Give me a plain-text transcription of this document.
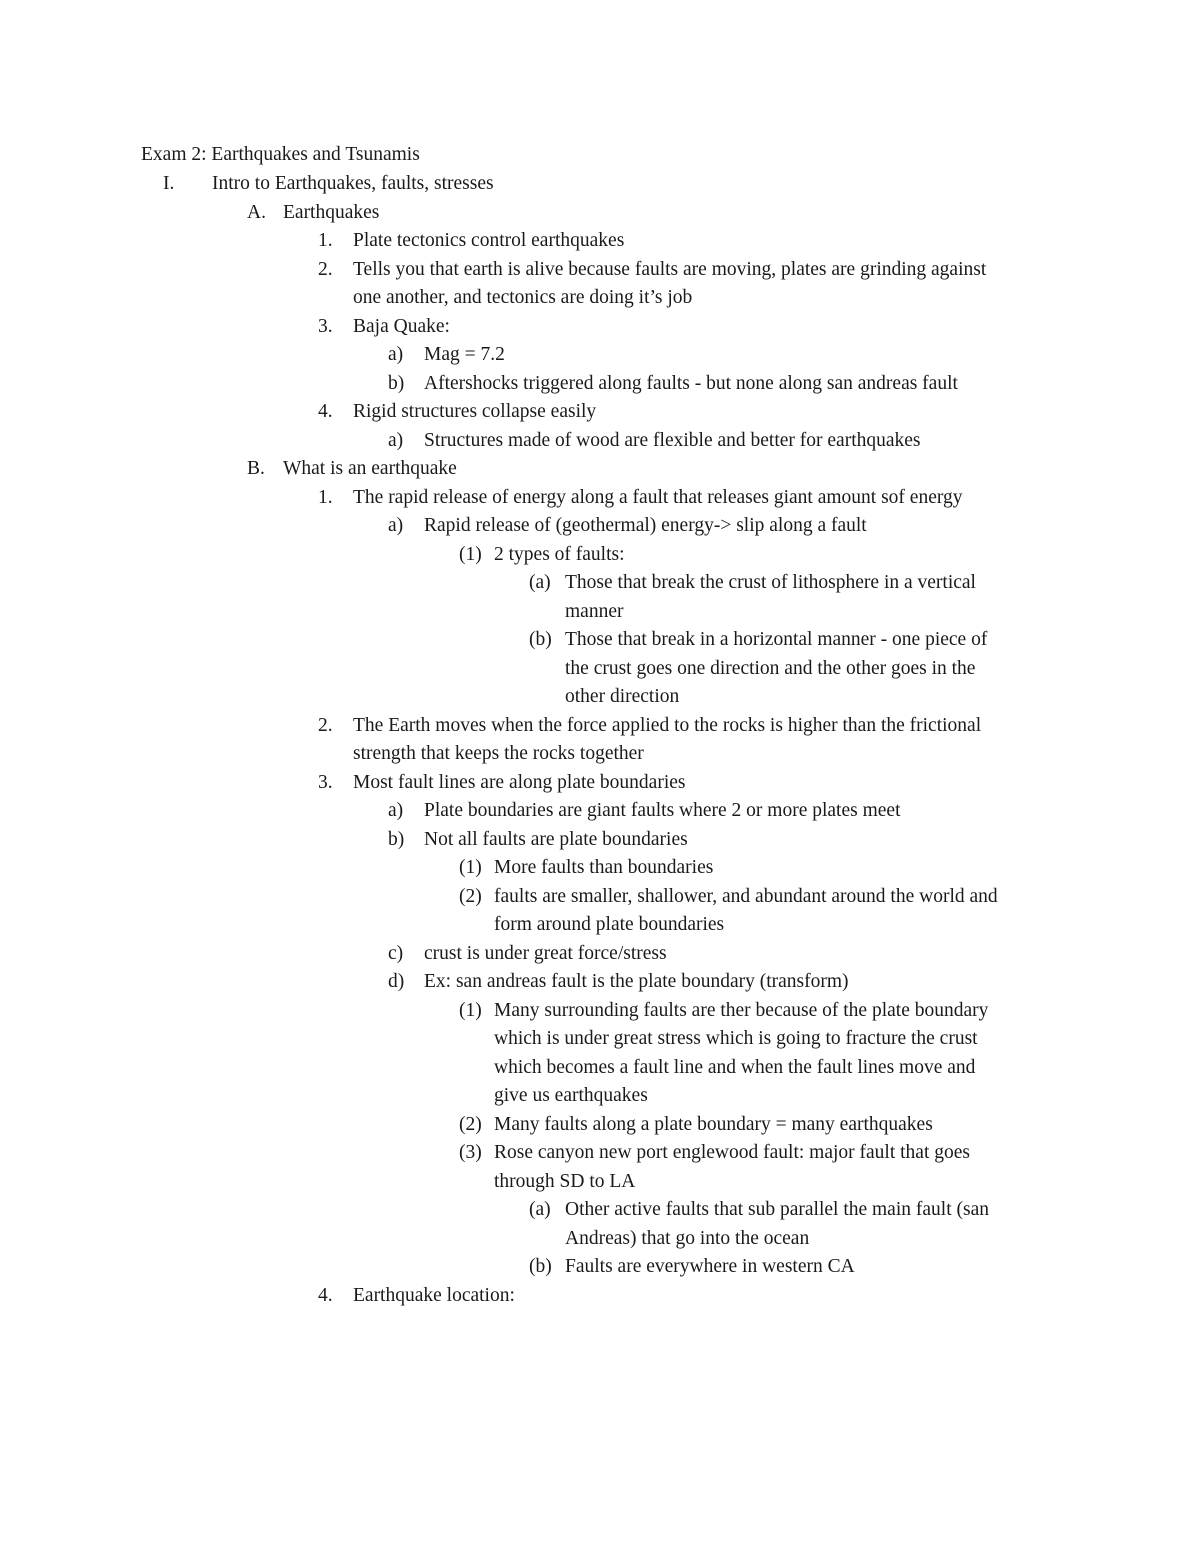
Exam 2: Earthquakes and Tsunamis
I. Intro to Earthquakes, faults, stresses
A. Earthquakes
1. Plate tectonics control earthquakes
2. Tells you that earth is alive because faults are moving, plates are grinding against
one another, and tectonics are doing it’s job
3. Baja Quake:
a) Mag = 7.2
b) Aftershocks triggered along faults - but none along san andreas fault
4. Rigid structures collapse easily
a) Structures made of wood are flexible and better for earthquakes
B. What is an earthquake
1. The rapid release of energy along a fault that releases giant amount sof energy
a) Rapid release of (geothermal) energy-> slip along a fault
(1) 2 types of faults:
(a) Those that break the crust of lithosphere in a vertical
manner
(b) Those that break in a horizontal manner - one piece of
the crust goes one direction and the other goes in the
other direction
2. The Earth moves when the force applied to the rocks is higher than the frictional
strength that keeps the rocks together
3. Most fault lines are along plate boundaries
a) Plate boundaries are giant faults where 2 or more plates meet
b) Not all faults are plate boundaries
(1) More faults than boundaries
(2) faults are smaller, shallower, and abundant around the world and
form around plate boundaries
c) crust is under great force/stress
d) Ex: san andreas fault is the plate boundary (transform)
(1) Many surrounding faults are ther because of the plate boundary
which is under great stress which is going to fracture the crust
which becomes a fault line and when the fault lines move and
give us earthquakes
(2) Many faults along a plate boundary = many earthquakes
(3) Rose canyon new port englewood fault: major fault that goes
through SD to LA
(a) Other active faults that sub parallel the main fault (san
Andreas) that go into the ocean
(b) Faults are everywhere in western CA
4. Earthquake location:
